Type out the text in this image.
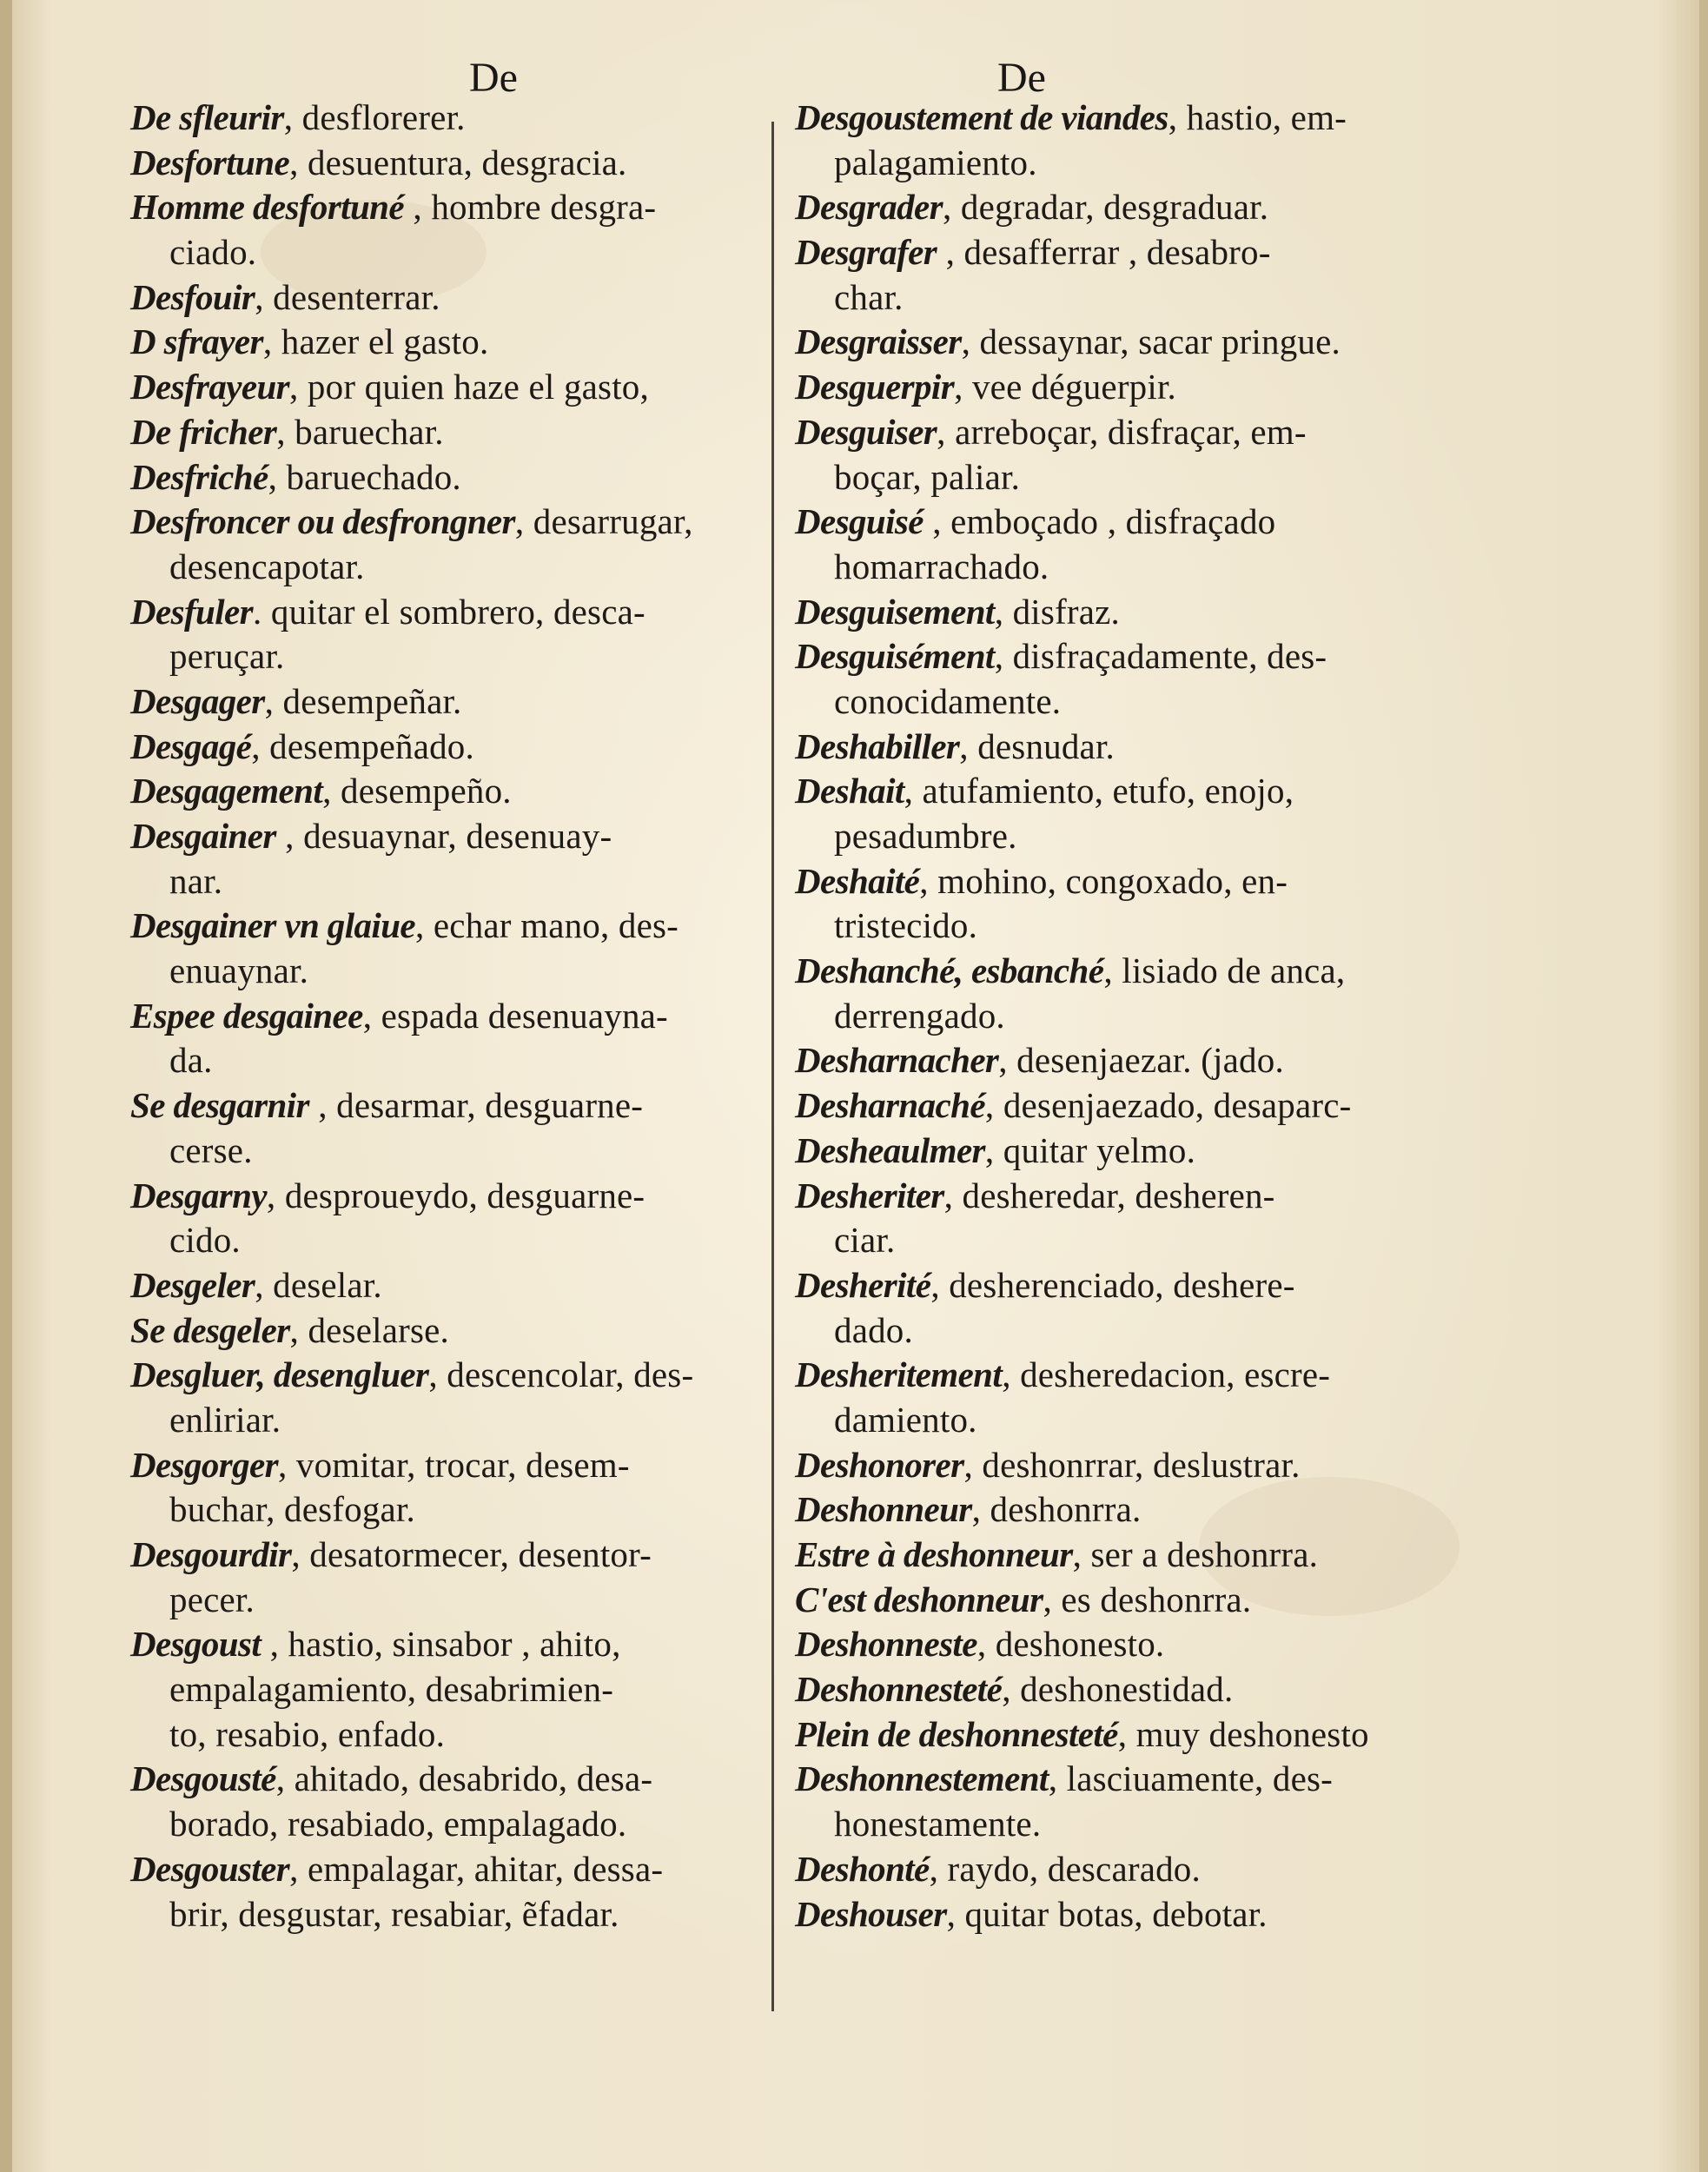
De	De
De sfleurir, desflorerer.
Desfortune, desuentura, desgracia.
Homme desfortuné , hombre desgra-
ciado.
Desfouir, desenterrar.
D sfrayer, hazer el gasto.
Desfrayeur, por quien haze el gasto,
De fricher, baruechar.
Desfriché, baruechado.
Desfroncer ou desfrongner, desarrugar,
desencapotar.
Desfuler. quitar el sombrero, desca-
peruçar.
Desgager, desempeñar.
Desgagé, desempeñado.
Desgagement, desempeño.
Desgainer , desuaynar, desenuay-
nar.
Desgainer vn glaiue, echar mano, des-
enuaynar.
Espee desgainee, espada desenuayna-
da.
Se desgarnir , desarmar, desguarne-
cerse.
Desgarny, desproueydo, desguarne-
cido.
Desgeler, deselar.
Se desgeler, deselarse.
Desgluer, desengluer, descencolar, des-
enliriar.
Desgorger, vomitar, trocar, desem-
buchar, desfogar.
Desgourdir, desatormecer, desentor-
pecer.
Desgoust , hastio, sinsabor , ahito,
empalagamiento, desabrimien-
to, resabio, enfado.
Desgousté, ahitado, desabrido, desa-
borado, resabiado, empalagado.
Desgouster, empalagar, ahitar, dessa-
brir, desgustar, resabiar, ẽfadar.
Desgoustement de viandes, hastio, em-
palagamiento.
Desgrader, degradar, desgraduar.
Desgrafer , desafferrar , desabro-
char.
Desgraisser, dessaynar, sacar pringue.
Desguerpir, vee déguerpir.
Desguiser, arreboçar, disfraçar, em-
boçar, paliar.
Desguisé , emboçado , disfraçado
homarrachado.
Desguisement, disfraz.
Desguisément, disfraçadamente, des-
conocidamente.
Deshabiller, desnudar.
Deshait, atufamiento, etufo, enojo,
pesadumbre.
Deshaité, mohino, congoxado, en-
tristecido.
Deshanché, esbanché, lisiado de anca,
derrengado.
Desharnacher, desenjaezar. (jado.
Desharnaché, desenjaezado, desaparc-
Desheaulmer, quitar yelmo.
Desheriter, desheredar, desheren-
ciar.
Desherité, desherenciado, deshere-
dado.
Desheritement, desheredacion, escre-
damiento.
Deshonorer, deshonrrar, deslustrar.
Deshonneur, deshonrra.
Estre à deshonneur, ser a deshonrra.
C'est deshonneur, es deshonrra.
Deshonneste, deshonesto.
Deshonnesteté, deshonestidad.
Plein de deshonnesteté, muy deshonesto
Deshonnestement, lasciuamente, des-
honestamente.
Deshonté, raydo, descarado.
Deshouser, quitar botas, debotar.
